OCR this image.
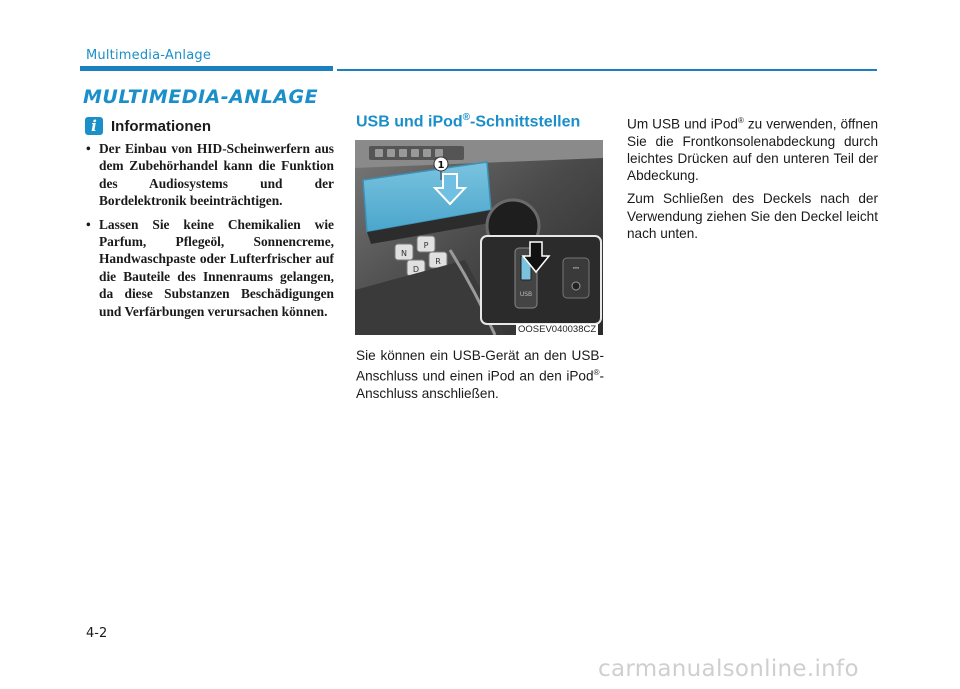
Multimedia-Anlage
MULTIMEDIA-ANLAGE
i Informationen
• Der Einbau von HID-Scheinwerfern aus dem Zubehörhandel kann die Funktion des Audiosystems und der Bordelektronik beeinträchtigen.
• Lassen Sie keine Chemikalien wie Parfum, Pflegeöl, Sonnencreme, Handwaschpaste oder Lufterfrischer auf die Bauteile des Innenraums gelangen, da diese Substanzen Beschädigungen und Verfärbungen verursachen können.
USB und iPod®-Schnittstellen
N
P
D
R
1
USB
⎓
OOSEV040038CZ

Sie können ein USB-Gerät an den USB-Anschluss und einen iPod an den iPod®-Anschluss anschließen.

Um USB und iPod® zu verwenden, öffnen Sie die Frontkonsolenabdeckung durch leichtes Drücken auf den unteren Teil der Abdeckung.

Zum Schließen des Deckels nach der Verwendung ziehen Sie den Deckel leicht nach unten.

4-2
carmanualsonline.info
